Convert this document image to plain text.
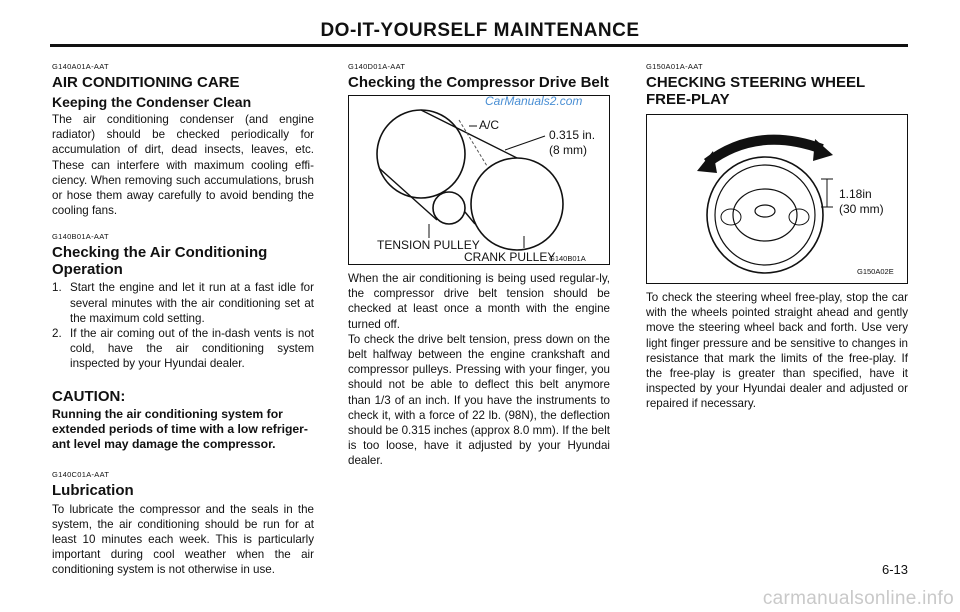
DO-IT-YOURSELF MAINTENANCE

G140A01A-AAT

AIR CONDITIONING CARE

Keeping the Condenser Clean

The air conditioning condenser (and engine radiator) should be checked periodically for accumulation of dirt, dead insects, leaves, etc. These can interfere with maximum cooling effi-ciency. When removing such accumulations, brush or hose them away carefully to avoid bending the cooling fans.

G140B01A-AAT

Checking the Air Conditioning Operation

1. Start the engine and let it run at a fast idle for several minutes with the air conditioning set at the maximum cold setting.
2. If the air coming out of the in-dash vents is not cold, have the air conditioning system inspected by your Hyundai dealer.

CAUTION:

Running the air conditioning system for extended periods of time with a low refriger-ant level may damage the compressor.

G140C01A-AAT

Lubrication

To lubricate the compressor and the seals in the system, the air conditioning should be run for at least 10 minutes each week. This is particularly important during cool weather when the air conditioning system is not otherwise in use.

G140D01A-AAT

Checking the Compressor Drive Belt

A/C
0.315 in.
(8 mm)
TENSION PULLEY
CRANK PULLEY
G140B01A
CarManuals2.com

When the air conditioning is being used regular-ly, the compressor drive belt tension should be checked at least once a month with the engine turned off.

To check the drive belt tension, press down on the belt halfway between the engine crankshaft and compressor pulleys. Pressing with your finger, you should not be able to deflect this belt anymore than 1/3 of an inch. If you have the instruments to check it, with a force of 22 lb. (98N), the deflection should be 0.315 inches (approx 8.0 mm). If the belt is too loose, have it adjusted by your Hyundai dealer.

G150A01A-AAT

CHECKING STEERING WHEEL FREE-PLAY

1.18in
(30 mm)
G150A02E

To check the steering wheel free-play, stop the car with the wheels pointed straight ahead and gently move the steering wheel back and forth. Use very light finger pressure and be sensitive to changes in resistance that mark the limits of the free-play. If the free-play is greater than specified, have it inspected by your Hyundai dealer and adjusted or repaired if necessary.

6-13
carmanualsonline.info
